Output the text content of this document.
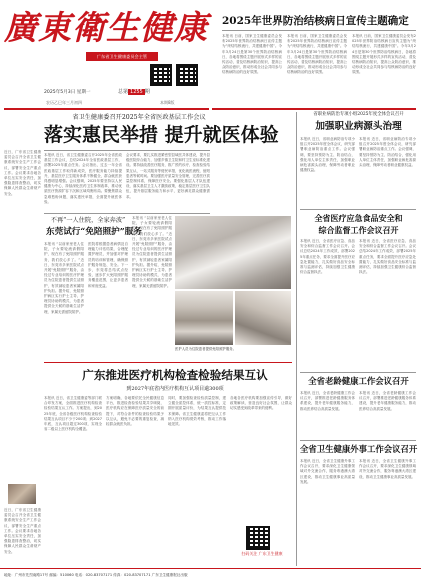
廣東衛生健康
广东省卫生健康委员会主管
2025年5月3日 星期一	总第 1255 期
农历乙巳年三月初四	本期8版
2025年世界防治结核病日宣传主题确定
本报讯 日前，国家卫生健康委员会发布2025年世界防治结核病日宣传主题为“终结结核流行，共建健康中国”。今年3月24日是第30个世界防治结核病日，各地将围绕主题开展形式多样的宣传活动，普及结核病防治知识，提高公众防治意识，推动形成全社会共同参与结核病防治的良好氛围。
本报讯 日前，国家卫生健康委员会发布2025年世界防治结核病日宣传主题为“终结结核流行，共建健康中国”。今年3月24日是第30个世界防治结核病日，各地将围绕主题开展形式多样的宣传活动，普及结核病防治知识，提高公众防治意识，推动形成全社会共同参与结核病防治的良好氛围。
本报讯 日前，国家卫生健康委员会发布2025年世界防治结核病日宣传主题为“终结结核流行，共建健康中国”。今年3月24日是第30个世界防治结核病日，各地将围绕主题开展形式多样的宣传活动，普及结核病防治知识，提高公众防治意识，推动形成全社会共同参与结核病防治的良好氛围。
近日，广东省卫生健康委员会召开全省卫生健康系统安全生产工作会议，部署安全生产重点工作。会议要求各地各单位压实安全责任，加强隐患排查整治，切实保障人民群众生命财产安全。
近日，广东省卫生健康委员会召开全省卫生健康系统安全生产工作会议，部署安全生产重点工作。会议要求各地各单位压实安全责任，加强隐患排查整治，切实保障人民群众生命财产安全。
省卫生健康委召开2025年全省医政基层工作会议
落实惠民举措 提升就医体验
本报讯 近日，省卫生健康委召开2025年全省医政基层工作会议，总结2024年全省医政基层工作，部署2025年重点任务。会议指出，过去一年全省医政基层工作取得新成效，医疗服务能力持续提升，基层医疗卫生服务体系不断健全，群众就医获得感明显增强。会议强调，2025年要坚持以人民健康为中心，持续深化医药卫生体制改革，推动优质医疗资源扩容下沉和区域均衡布局。要聚焦群众急难愁盼问题，落实惠民举措，全面提升就医体验。
会议要求，要扎实推进紧密型县域医共体建设，提升县级医院综合能力，加强乡镇卫生院和村卫生室标准化建设。要持续改善医疗服务，推广预约诊疗、检查检验结果互认、一站式服务等便民举措，优化就医流程，缩短患者等候时间。要加强医疗质量安全管理，完善医疗质量控制体系，保障医疗安全。要强化基层人才队伍建设，落实基层卫生人才激励政策，稳定基层医疗卫生队伍，提升基层服务能力和水平，更好满足群众健康需求。
不再“一人住院，全家奔波”
东莞试行“免陪照护”服务
本报讯 “以前家里老人住院，子女要轮流请假陪护，现在有了免陪照护服务，我们放心多了。”近日，东莞市多家医院试点开展“免陪照护”服务，由经过专业培训的医疗护理员为住院患者提供生活照护，有效减轻患者家属陪护负担。据介绍，免陪照护病区实行护士主导、护理员协助的模式，为患者提供全天候的基础生活护理，家属无需留院陪护。
医院将根据患者病情及自理能力评估结果，合理配置护理员，并加强对护理员的培训和管理，确保照护服务规范、安全。下一步，东莞将总结试点经验，逐步扩大免陪照护服务覆盖范围，让更多患者和家庭受益。
本报讯 “以前家里老人住院，子女要轮流请假陪护，现在有了免陪照护服务，我们放心多了。”近日，东莞市多家医院试点开展“免陪照护”服务，由经过专业培训的医疗护理员为住院患者提供生活照护，有效减轻患者家属陪护负担。据介绍，免陪照护病区实行护士主导、护理员协助的模式，为患者提供全天候的基础生活护理，家属无需留院陪护。
医护人员为住院患者提供免陪照护服务。
广东推进医疗机构检查检验结果互认
到2027年底省内医疗机构互认项目逾300项
本报讯 近日，省卫生健康委等部门联合印发方案，全面推进医疗机构检查检验结果互认工作。方案提出，到2025年底，全省各级医疗机构检查检验结果互认项目不少于200项；到2027年底，互认项目超过300项，实现全省二级以上医疗机构全覆盖。
方案明确，各地要依托全民健康信息平台，推进检查检验结果共享调阅，医疗机构应在保障医疗质量安全的前提下，对符合条件的检查检验结果予以互认，避免不必要的重复检查，减轻群众就医负担。
同时，要加强检查检验质量控制，建立健全质控体系，统一质控标准，定期开展质量评价，为结果互认提供技术保障。省卫生健康委将把互认工作纳入医疗机构绩效考核，推动工作落地见效。
各地各医疗机构要加强宣传引导，做好政策解读，营造良好社会氛围，让群众切实感受到改革带来的便利。
扫码关注 广东卫生健康
省职业病防治专项小组2025年度全体会议召开
加强职业病源头治理
本报讯 近日，省职业病防治专项小组召开2025年度全体会议，研究部署职业病防治重点工作。会议强调，要坚持预防为主、防治结合，强化用人单位主体责任，加强职业病危害源头治理，保障劳动者职业健康权益。
本报讯 近日，省职业病防治专项小组召开2025年度全体会议，研究部署职业病防治重点工作。会议强调，要坚持预防为主、防治结合，强化用人单位主体责任，加强职业病危害源头治理，保障劳动者职业健康权益。
全省医疗应急食品安全和
综合监督工作会议召开
本报讯 近日，全省医疗应急、食品安全和综合监督工作会议召开。会议总结2024年工作成效，部署2025年重点任务，要求全面提升医疗应急处置能力，扎实做好食品安全标准与监测评估，持续加强卫生健康综合监督执法。
本报讯 近日，全省医疗应急、食品安全和综合监督工作会议召开。会议总结2024年工作成效，部署2025年重点任务，要求全面提升医疗应急处置能力，扎实做好食品安全标准与监测评估，持续加强卫生健康综合监督执法。
全省老龄健康工作会议召开
本报讯 近日，全省老龄健康工作会议召开，部署推进老龄健康服务体系建设，提升老年健康服务能力，推动医养结合高质量发展。
本报讯 近日，全省老龄健康工作会议召开，部署推进老龄健康服务体系建设，提升老年健康服务能力，推动医养结合高质量发展。
全省卫生健康外事工作会议召开
本报讯 近日，全省卫生健康外事工作会议召开，要求深化卫生健康领域对外交流合作，服务粤港澳大湾区建设，推动卫生健康事业高质量发展。
本报讯 近日，全省卫生健康外事工作会议召开，要求深化卫生健康领域对外交流合作，服务粤港澳大湾区建设，推动卫生健康事业高质量发展。
地址：广州市先烈南路17号 邮编：510060 电话：020-83707171 传真：020-83707171 广东卫生健康报社出版
